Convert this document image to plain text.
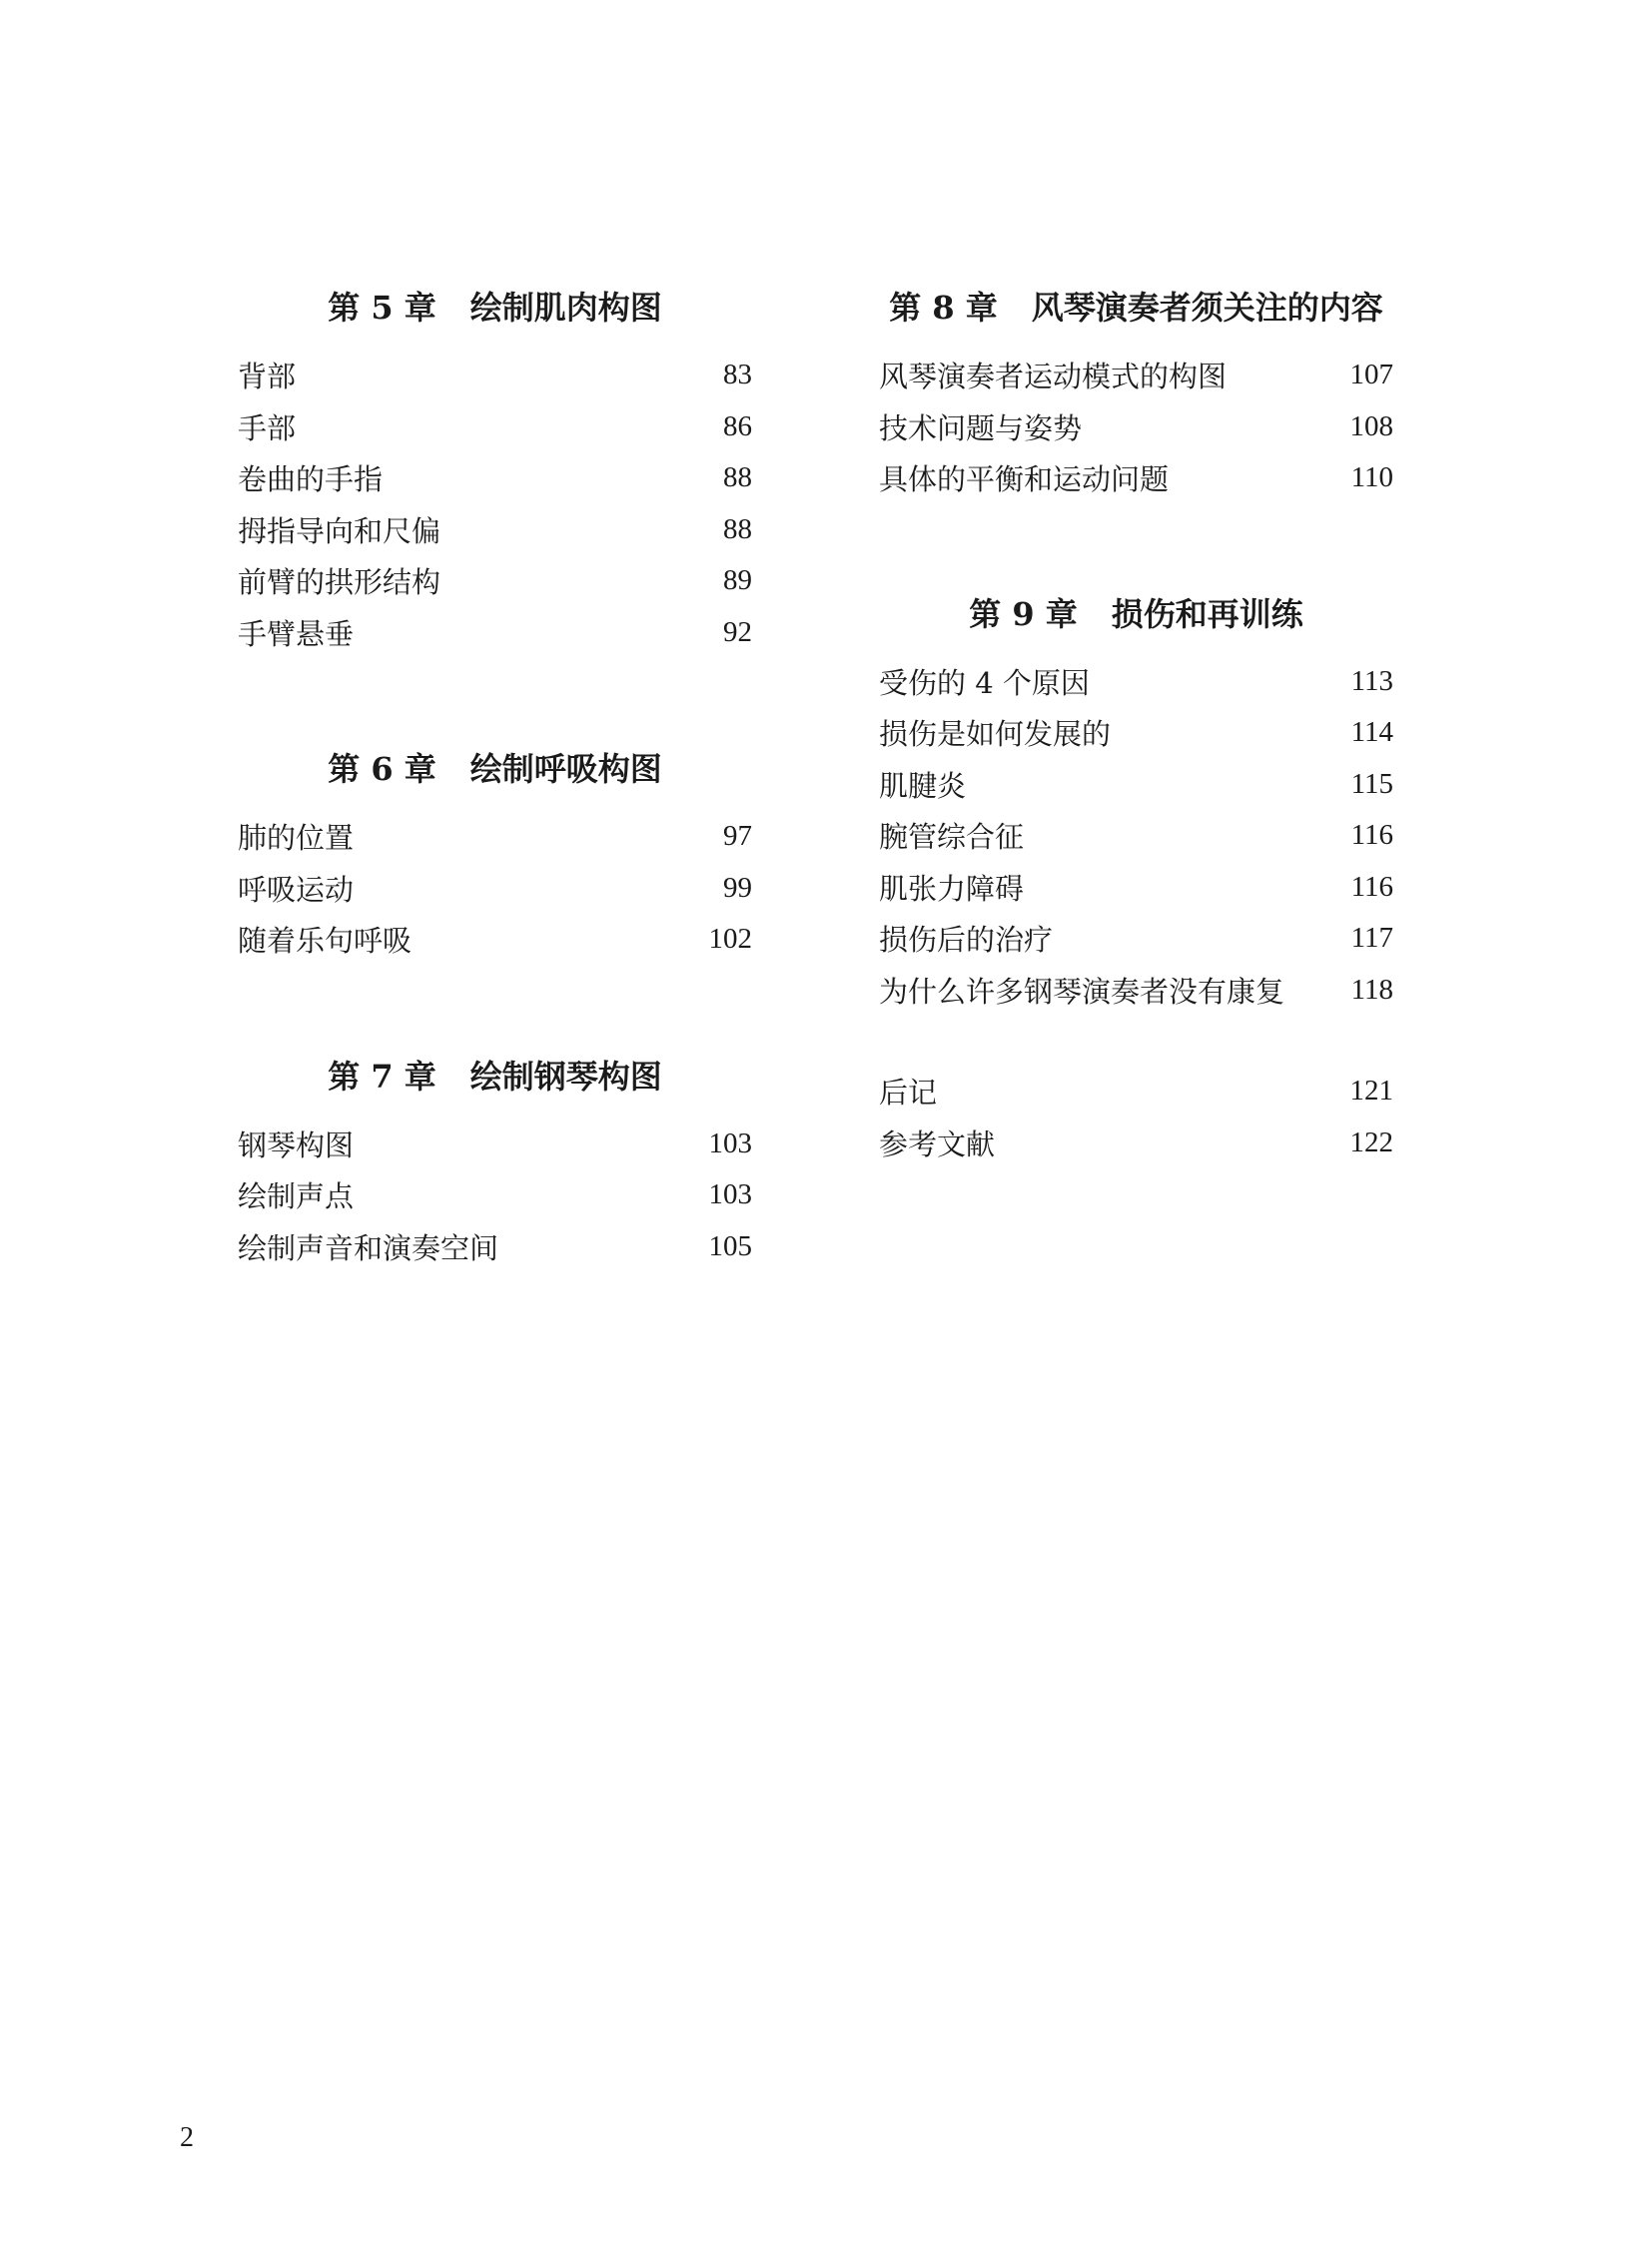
第 5 章 绘制肌肉构图
背部	83
手部	86
卷曲的手指	88
拇指导向和尺偏	88
前臂的拱形结构	89
手臂悬垂	92
第 6 章 绘制呼吸构图
肺的位置	97
呼吸运动	99
随着乐句呼吸	102
第 7 章 绘制钢琴构图
钢琴构图	103
绘制声点	103
绘制声音和演奏空间	105
第 8 章 风琴演奏者须关注的内容
风琴演奏者运动模式的构图	107
技术问题与姿势	108
具体的平衡和运动问题	110
第 9 章 损伤和再训练
受伤的 4 个原因	113
损伤是如何发展的	114
肌腱炎	115
腕管综合征	116
肌张力障碍	116
损伤后的治疗	117
为什么许多钢琴演奏者没有康复 118
后记	121
参考文献	122
2
